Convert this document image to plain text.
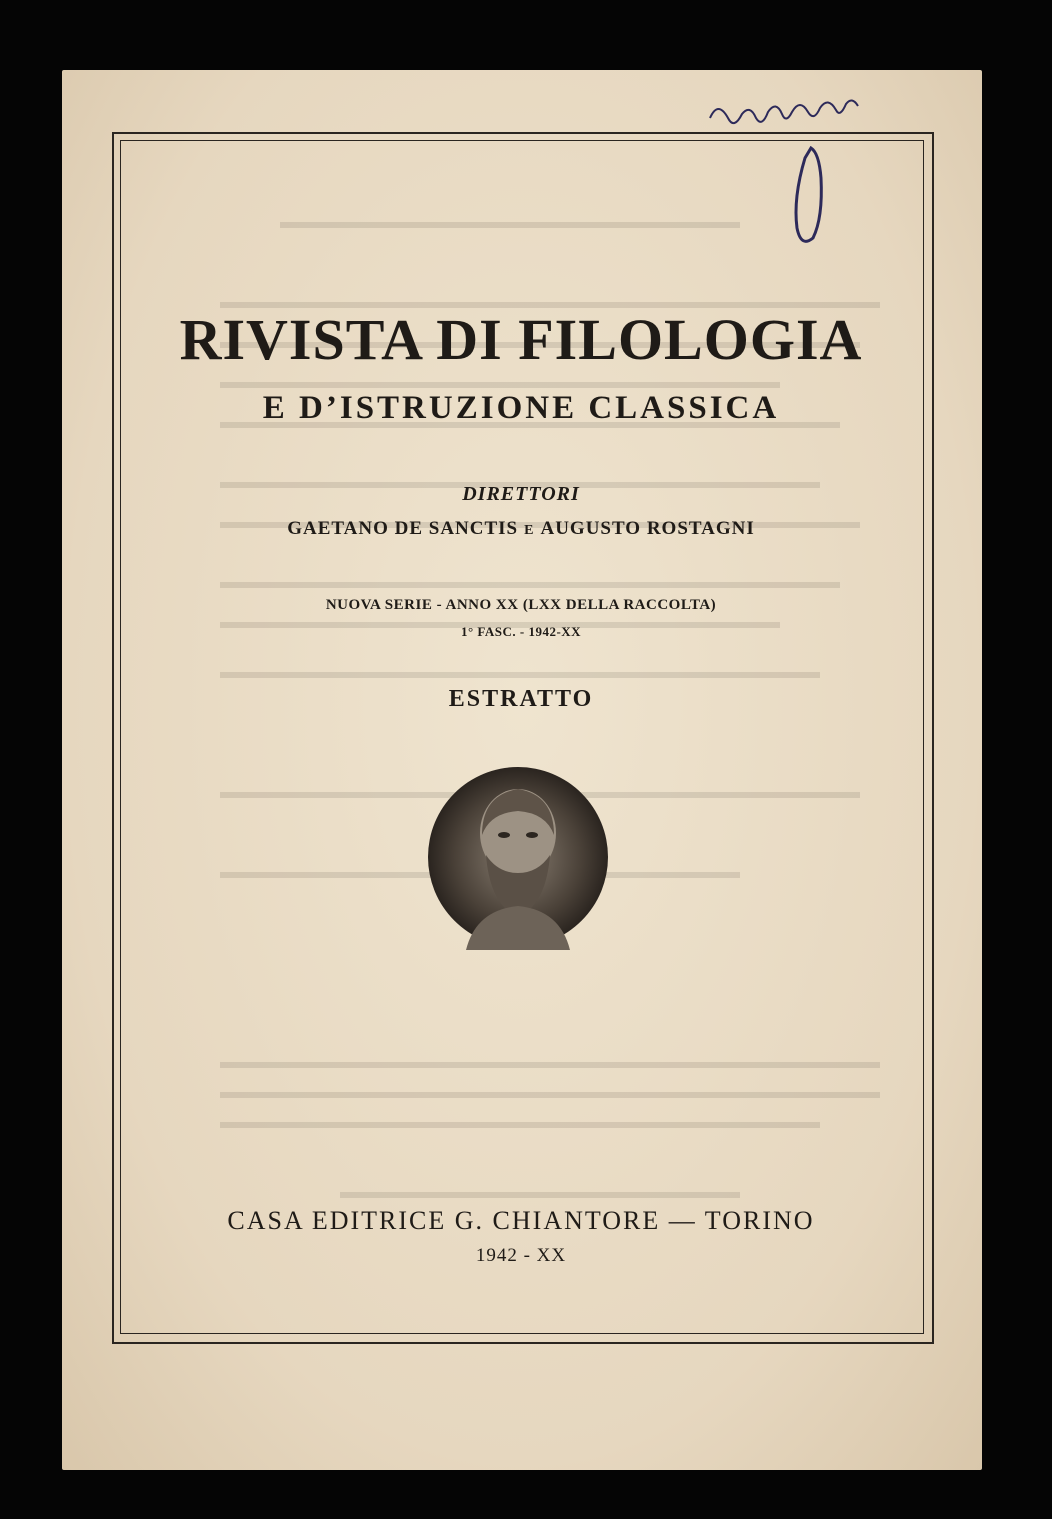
RIVISTA DI FILOLOGIA
E D’ISTRUZIONE CLASSICA

DIRETTORI

GAETANO DE SANCTIS E AUGUSTO ROSTAGNI

NUOVA SERIE - ANNO XX (LXX DELLA RACCOLTA)

1° FASC. - 1942-XX

ESTRATTO

CASA EDITRICE G. CHIANTORE — TORINO

1942 - XX
